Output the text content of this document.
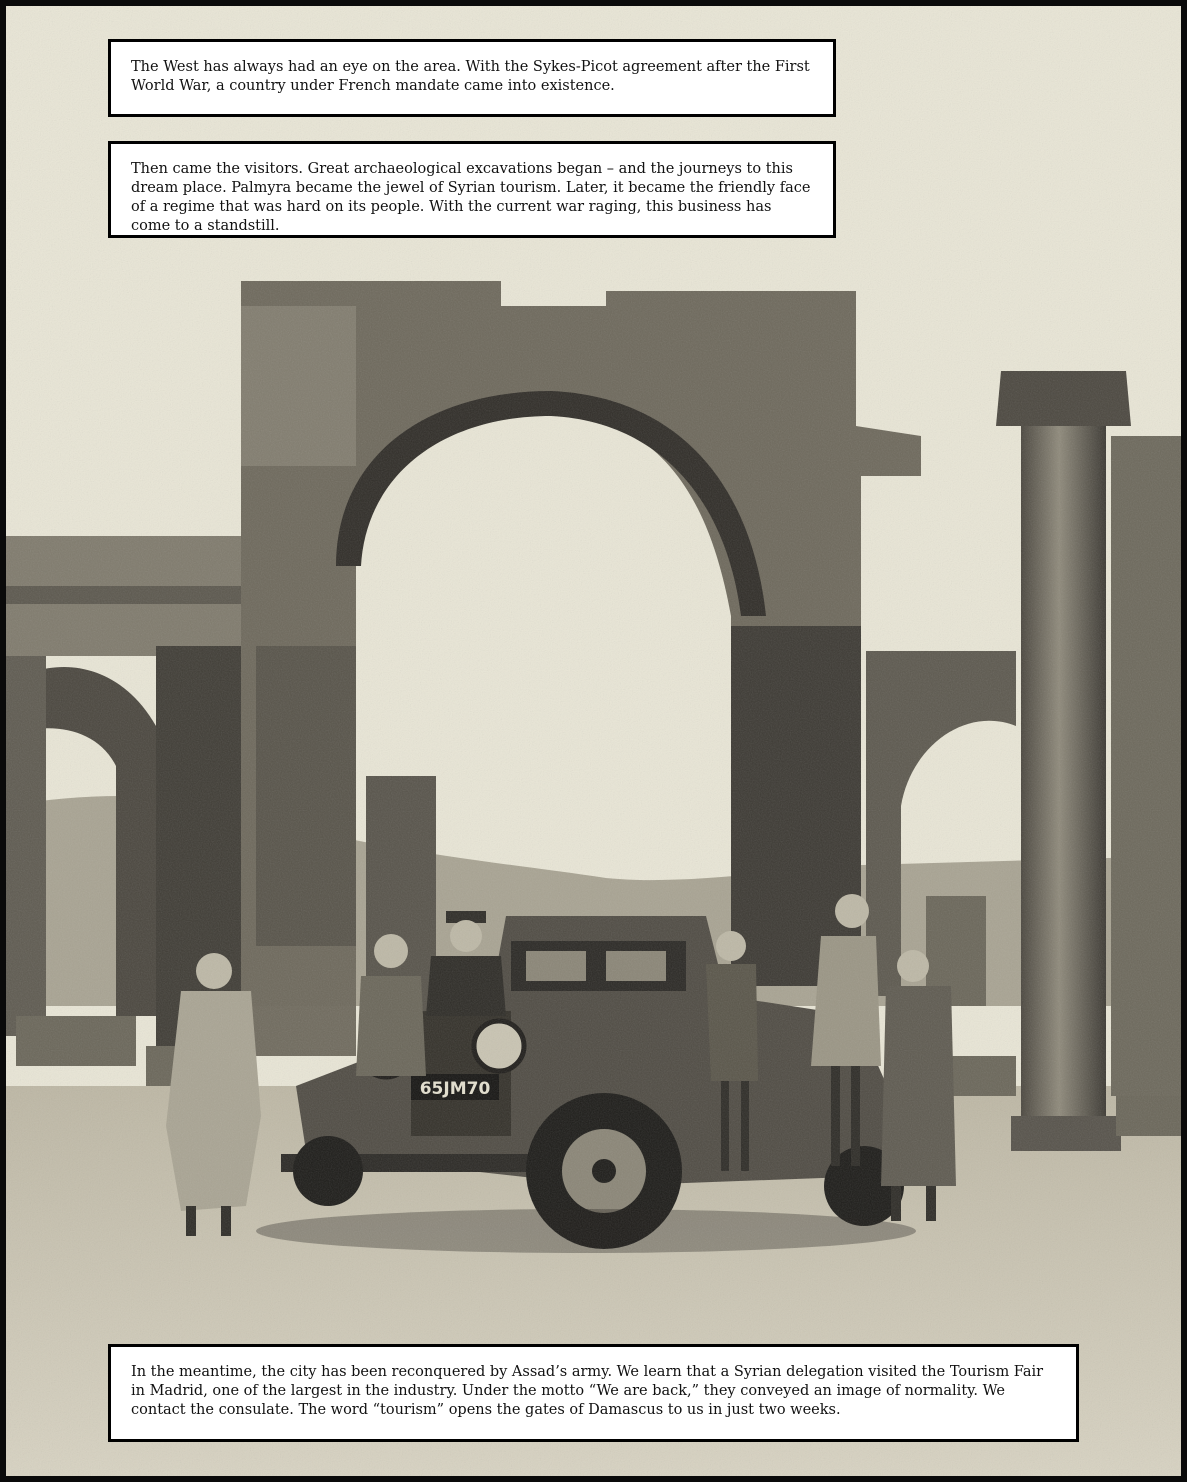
The West has always had an eye on the area. With the Sykes-Picot agreement after the First World War, a country under French mandate came into existence.

Then came the visitors. Great archaeological excavations began – and the journeys to this dream place. Palmyra became the jewel of Syrian tourism. Later, it became the friendly face of a regime that was hard on its people. With the current war raging, this business has come to a standstill.

In the meantime, the city has been reconquered by Assad’s army. We learn that a Syrian delegation visited the Tourism Fair in Madrid, one of the largest in the industry. Under the motto “We are back,” they conveyed an image of normality. We contact the consulate. The word “tourism” opens the gates of Damascus to us in just two weeks.
